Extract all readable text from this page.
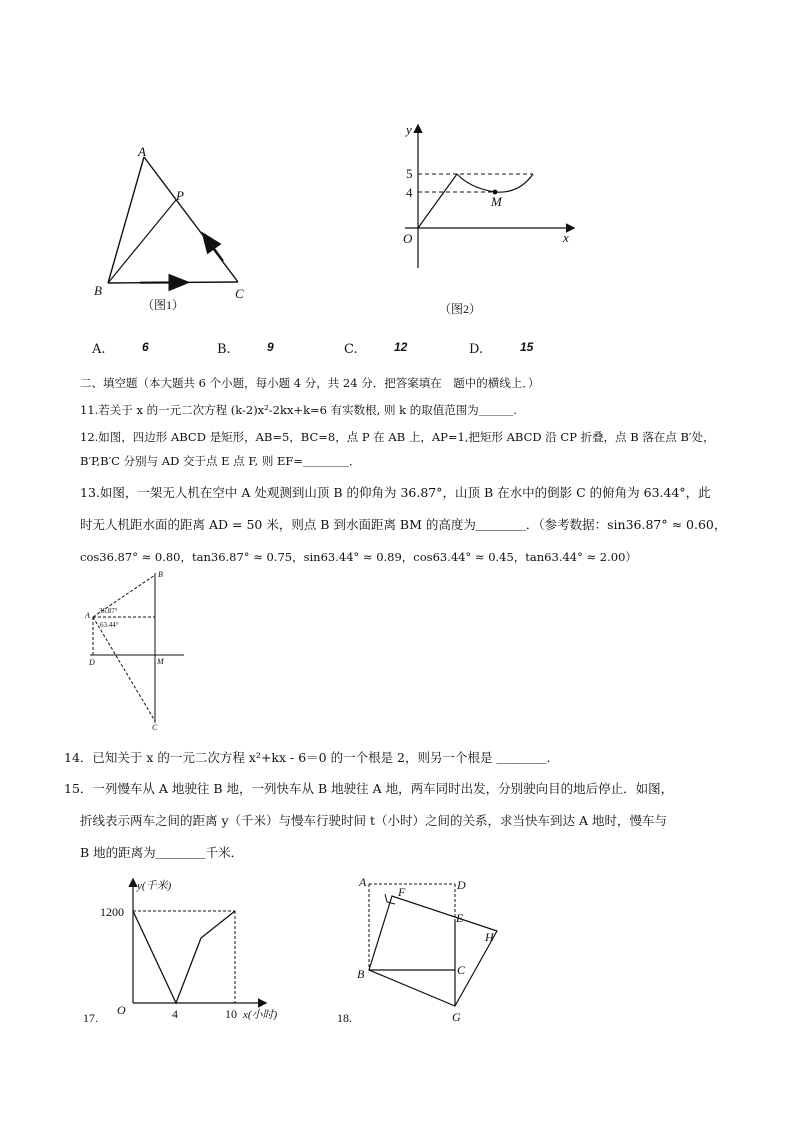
A
P
B	C
（图1）
y
x
O
M
5
4
（图2）
A.	6	B.	9	C.	12	D.	15
二、填空题（本大题共 6 个小题，每小题 4 分，共 24 分．把答案填在　题中的横线上．）
11.若关于 x 的一元二次方程 (k-2)x²-2kx+k=6 有实数根, 则 k 的取值范围为＿＿＿.
12.如图，四边形 ABCD 是矩形，AB=5，BC=8，点 P 在 AB 上，AP=1,把矩形 ABCD 沿 CP 折叠，点 B 落在点 B′处，
B′P,B′C 分别与 AD 交于点 E 点 F, 则 EF=＿＿＿＿．
13.如图，一架无人机在空中 A 处观测到山顶 B 的仰角为 36.87°，山顶 B 在水中的倒影 C 的俯角为 63.44°，此
时无人机距水面的距离 AD = 50 米，则点 B 到水面距离 BM 的高度为＿＿＿＿．（参考数据：sin36.87° ≈ 0.60，
cos36.87° ≈ 0.80，tan36.87° ≈ 0.75，sin63.44° ≈ 0.89，cos63.44° ≈ 0.45，tan63.44° ≈ 2.00）
B
A
D	M
C
36.87°
63.44°
14．已知关于 x 的一元二次方程 x²+kx - 6＝0 的一个根是 2，则另一个根是 ＿＿＿＿．
15．一列慢车从 A 地驶往 B 地，一列快车从 B 地驶往 A 地，两车同时出发，分别驶向目的地后停止．如图，
折线表示两车之间的距离 y（千米）与慢车行驶时间 t（小时）之间的关系，求当快车到达 A 地时，慢车与
B 地的距离为＿＿＿＿千米．
y(千米)
1200
O	4	10 x(小时)
17.
A
F	D
E
H
B	C
G
18.
